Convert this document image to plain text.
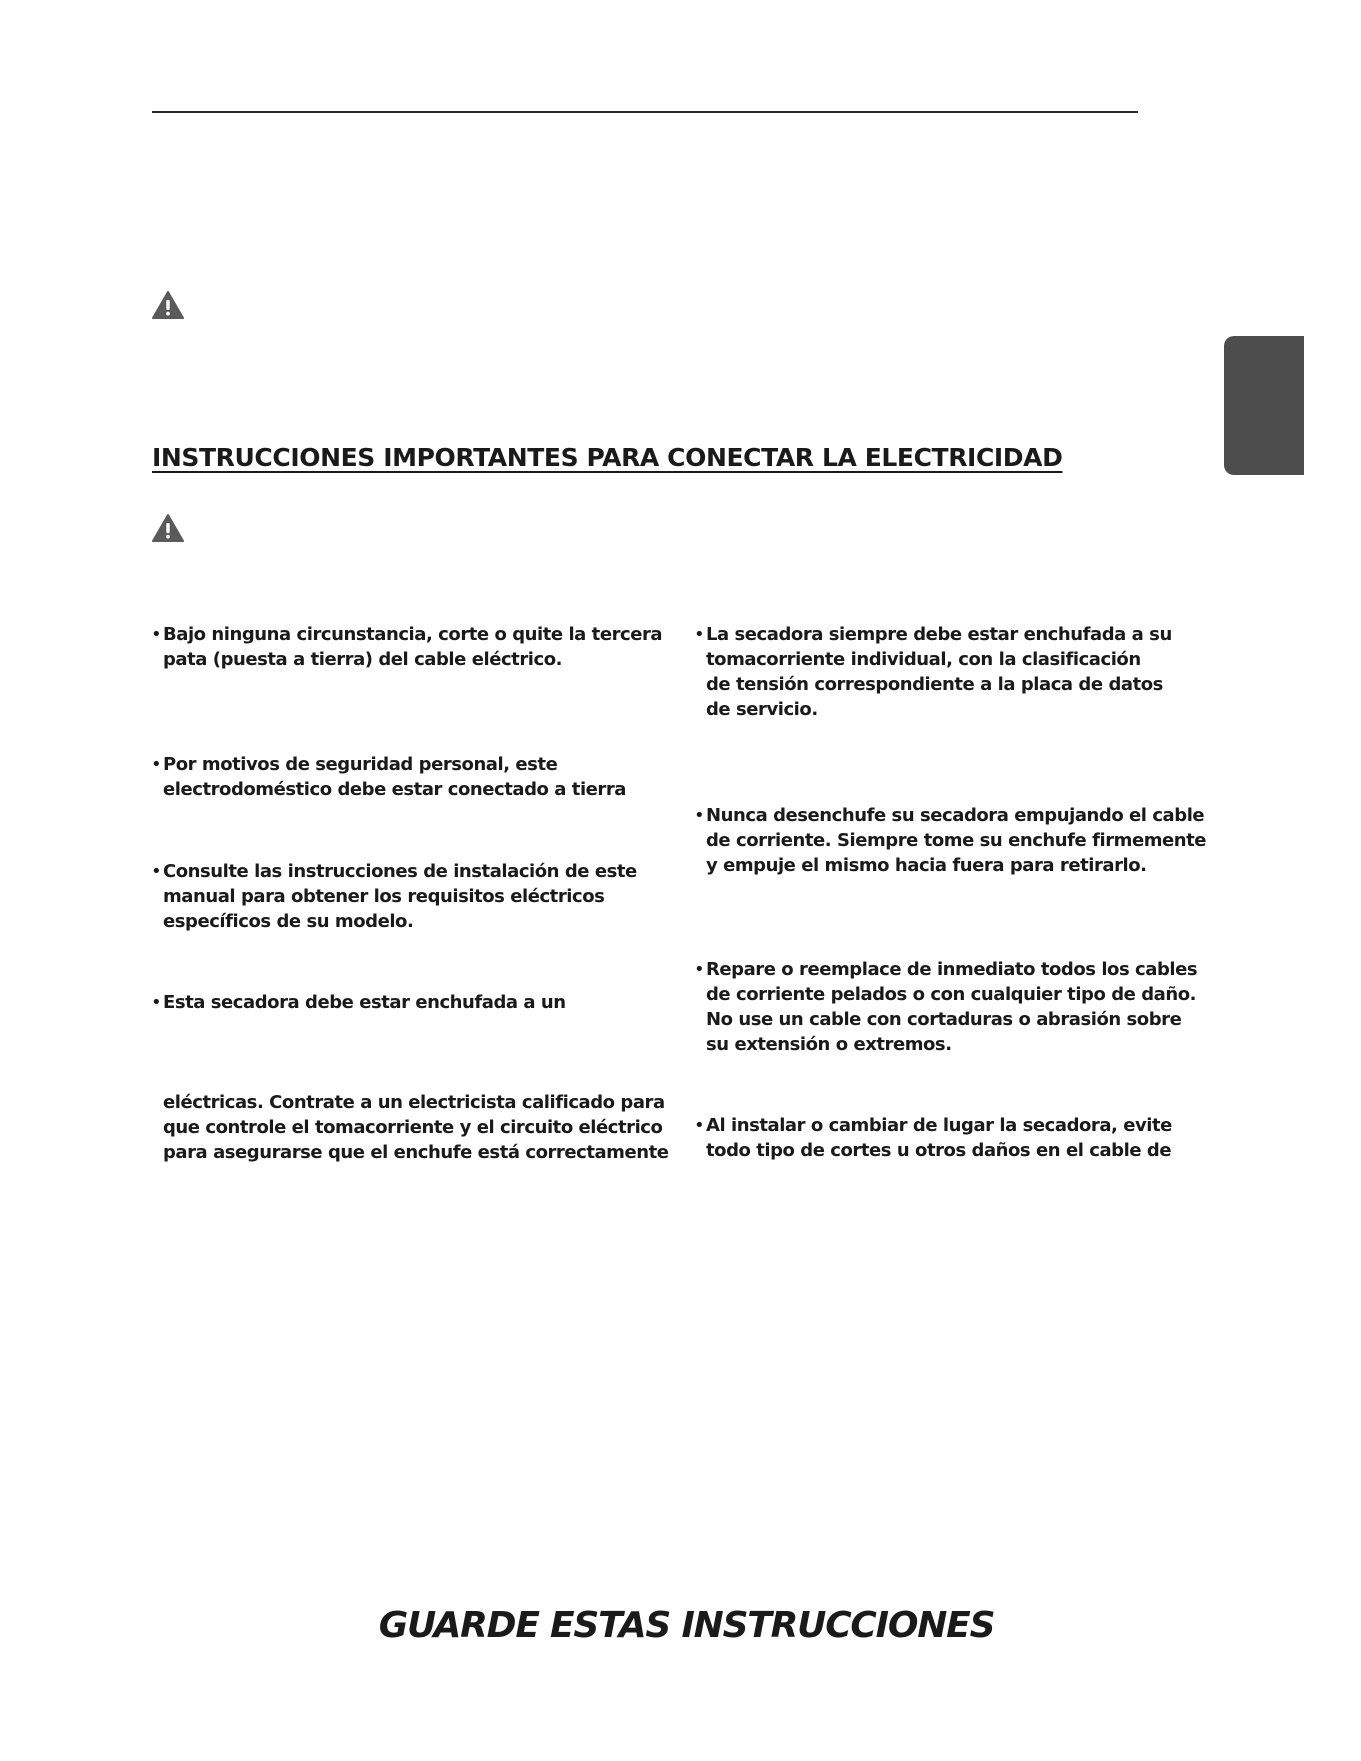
INSTRUCCIONES IMPORTANTES PARA CONECTAR LA ELECTRICIDAD
• Bajo ninguna circunstancia, corte o quite la tercera
pata (puesta a tierra) del cable eléctrico.
• Por motivos de seguridad personal, este
electrodoméstico debe estar conectado a tierra
• Consulte las instrucciones de instalación de este
manual para obtener los requisitos eléctricos
específicos de su modelo.
• Esta secadora debe estar enchufada a un
eléctricas. Contrate a un electricista calificado para
que controle el tomacorriente y el circuito eléctrico
para asegurarse que el enchufe está correctamente
• La secadora siempre debe estar enchufada a su
tomacorriente individual, con la clasificación
de tensión correspondiente a la placa de datos
de servicio.
• Nunca desenchufe su secadora empujando el cable
de corriente. Siempre tome su enchufe firmemente
y empuje el mismo hacia fuera para retirarlo.
• Repare o reemplace de inmediato todos los cables
de corriente pelados o con cualquier tipo de daño.
No use un cable con cortaduras o abrasión sobre
su extensión o extremos.
• Al instalar o cambiar de lugar la secadora, evite
todo tipo de cortes u otros daños en el cable de

GUARDE ESTAS INSTRUCCIONES
